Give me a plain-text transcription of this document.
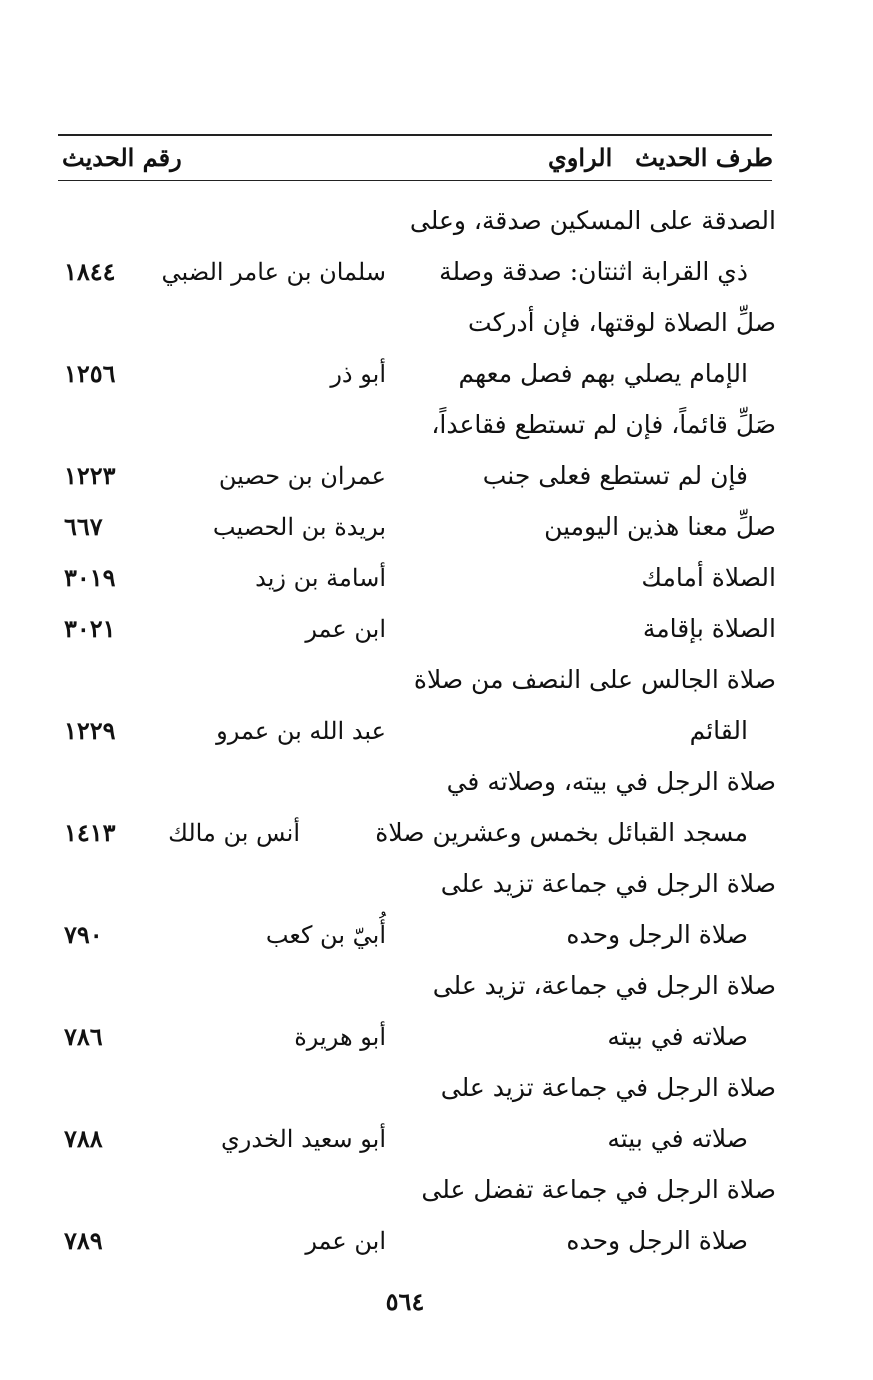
طرف الحديث
الراوي
رقم الحديث
الصدقة على المسكين صدقة، وعلى
ذي القرابة اثنتان: صدقة وصلة
سلمان بن عامر الضبي
١٨٤٤
صلِّ الصلاة لوقتها، فإن أدركت
الإمام يصلي بهم فصل معهم
أبو ذر
١٢٥٦
صَلِّ قائماً، فإن لم تستطع فقاعداً،
فإن لم تستطع فعلى جنب
عمران بن حصين
١٢٢٣
صلِّ معنا هذين اليومين
بريدة بن الحصيب
٦٦٧
الصلاة أمامك
أسامة بن زيد
٣٠١٩
الصلاة بإقامة
ابن عمر
٣٠٢١
صلاة الجالس على النصف من صلاة
القائم
عبد الله بن عمرو
١٢٢٩
صلاة الرجل في بيته، وصلاته في
مسجد القبائل بخمس وعشرين صلاة
أنس بن مالك
١٤١٣
صلاة الرجل في جماعة تزيد على
صلاة الرجل وحده
أُبيّ بن كعب
٧٩٠
صلاة الرجل في جماعة، تزيد على
صلاته في بيته
أبو هريرة
٧٨٦
صلاة الرجل في جماعة تزيد على
صلاته في بيته
أبو سعيد الخدري
٧٨٨
صلاة الرجل في جماعة تفضل على
صلاة الرجل وحده
ابن عمر
٧٨٩
٥٦٤
